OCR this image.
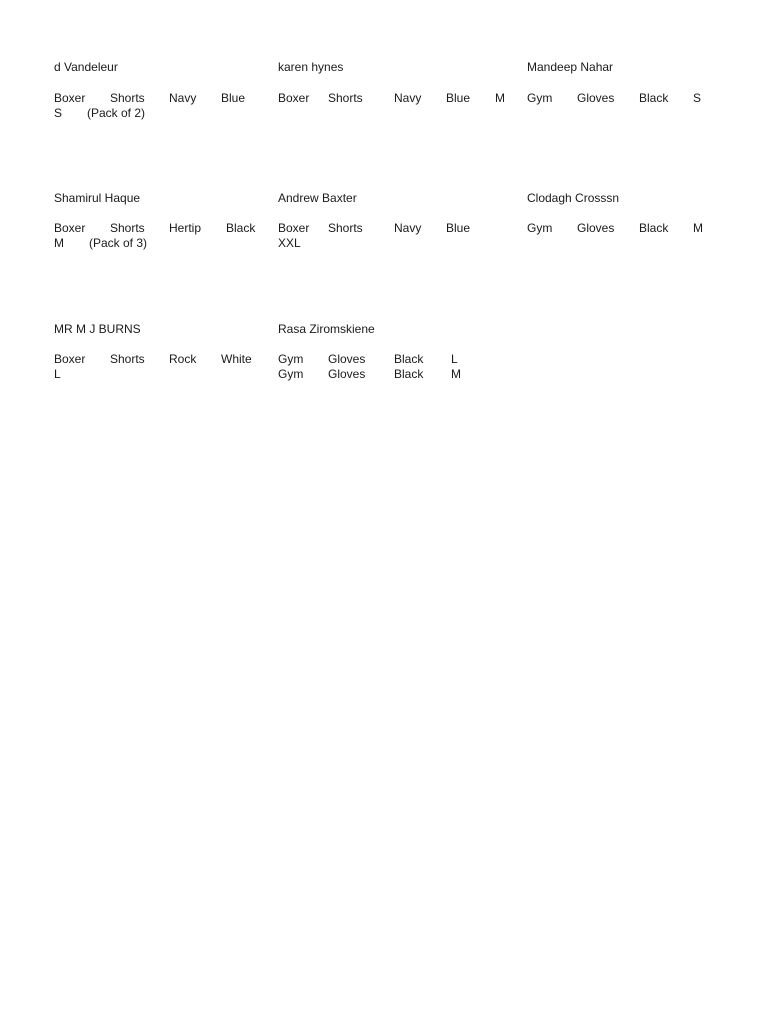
d Vandeleur
Boxer Shorts Navy Blue
S (Pack of 2)
karen hynes
Boxer Shorts	Navy Blue M
Mandeep Nahar
Gym Gloves Black S
Shamirul Haque
Boxer Shorts Hertip Black
M (Pack of 3)
Andrew Baxter
Boxer Shorts	Navy Blue
XXL
Clodagh Crosssn
Gym Gloves Black M
MR M J BURNS
Boxer Shorts Rock White
L
Rasa Ziromskiene
Gym Gloves Black L
Gym Gloves Black M
